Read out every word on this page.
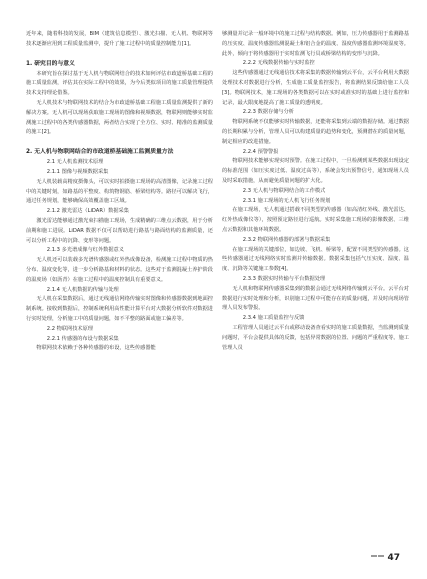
近年来，随着科技的发展，BIM（建筑信息模型）、激光扫描、无人机、物联网等技术逐渐应用到工程质量监测中，提升了施工过程中的质量控制能力[1]。

1. 研究目的与意义

本研究旨在探讨基于无人机与物联网结合的技术如何评估市政道桥基础工程的施工质量监测，评估其在实际工程中的效果，为今后类似项目的施工质量管理提供技术支持理论借鉴。

无人机技术与物联网技术的结合为市政道桥基础工程施工质量监测提供了新的解决方案。无人机可以现场获取施工现场的图像和视频数据，物联网则能够实时监测施工过程中的各类传感器数据，两者结合实现了全方位、实时、精准的监测质量的施工[2]。

2. 无人机与物联网结合的市政道桥基础施工监测质量方法

2.1 无人机监测技术原理

2.1.1 图像与视频数据采集

无人机装载高精度摄像头，可以实时拍摄施工现场的高清图像，记录施工过程中的关键时刻，如路基的平整度、构筑物钢筋、桥梁结构等。路径可以解决飞行，通过任务规划，能够确保高效覆盖施工区域。

2.1.2 激光雷达（LiDAR）数据采集

激光雷达能够通过激光束扫描施工现场，生成精确的三维点云数据，用于分析前期和施工进展。LiDAR 数据不仅可以帮助进行路基与路面结构的监测质量，还可以分析工程中的沉降、变形等问题。

2.1.3 多光谱成像与红外数据意义

无人机还可以装载多光谱传感器或红外热成像设备，检测施工过程中物质的热分布、温度变化等，进一步分析路基和材料的状态。这些对于监测混凝土养护阶段的温度场（如沥青）在施工过程中的温度控制具有重要意义。

2.1.4 无人机数据的传输与处理

无人机在采集数据后，通过无线通信网络传输实时图像和传感器数据到地面控制系统。接收到数据后，控制系统利用高性能计算平台对大数据分析软件对数据进行实时处理，分析施工中的质量问题，如不平整的路面或施工偏差等。

2.2 物联网技术原理

2.2.1 传感器的布设与数据采集

物联网技术依赖于各种传感器的布设，这些传感器能

够测量并记录一般环境中的施工过程与结构数据。例如，压力传感器用于监测路基的压实度、温度传感器监测混凝土和铝合金的温度、湿度传感器监测环境湿度等。此外，倾向于将传感器用于实时监测飞行员或桥梁结构的变形与沉降。

2.2.2 无线数据传输与实时监控

这些传感器通过无线通信技术将采集的数据传输到云平台，云平台利用大数据处理技术对数据进行分析，生成施工质量监控报告，将监测结果反馈给施工人员[3]。物联网技术，施工现场的各类数据可以在实时或准实时的基础上进行监控和记录，最大限度地提高了施工质量的透明度。

2.2.3 数据存储与分析

物联网系统不仅能够实时传输数据，还能将采集到云端的数据存储。通过数据的长期积累与分析，管理人员可以构建质量的趋势和变化，预测潜在的质量问题，制定相应的改进措施。

2.2.4 预警警报

物联网技术能够实现实时预警。在施工过程中，一旦检测到某些数据出现设定的标准范围（如压实度过低、温度过高等），系统会发出预警信号，通知现场人员及时采取措施，从而避免质量问题的扩大化。

2.3 无人机与物联网结合的工作模式

2.3.1 施工现场的无人机飞行任务规划

在施工现场，无人机通过搭载不同类型的传感器（如高清红外线、激光雷达、红外热成像仪等），按照预定路径进行巡航。实时采集施工现场的影像数据、三维点云数据和其他环境数据。

2.3.2 物联网传感器的部署与数据采集

在施工现场的关键部位，如边坡、飞机、桥梁等，配置不同类型的传感器。这些传感器通过无线网络实时监测并传输数据。数据采集包括气压实度、湿度、温度、沉降等关键施工参数[4]。

2.3.3 数据实时传输与平台数据处理

无人机和物联网传感器采集到的数据会通过无线网络传输到云平台。云平台对数据进行实时处理和分析，识别施工过程中可能存在的质量问题，并及时向现场管理人员发布警报。

2.3.4 施工质量监控与反馈

工程管理人员通过云平台或移动设备查看实时的施工质量数据，当监测到质量问题时，平台会提供具体的反馈，包括异常数据的位置、问题的严重程度等。施工管理人员

47
